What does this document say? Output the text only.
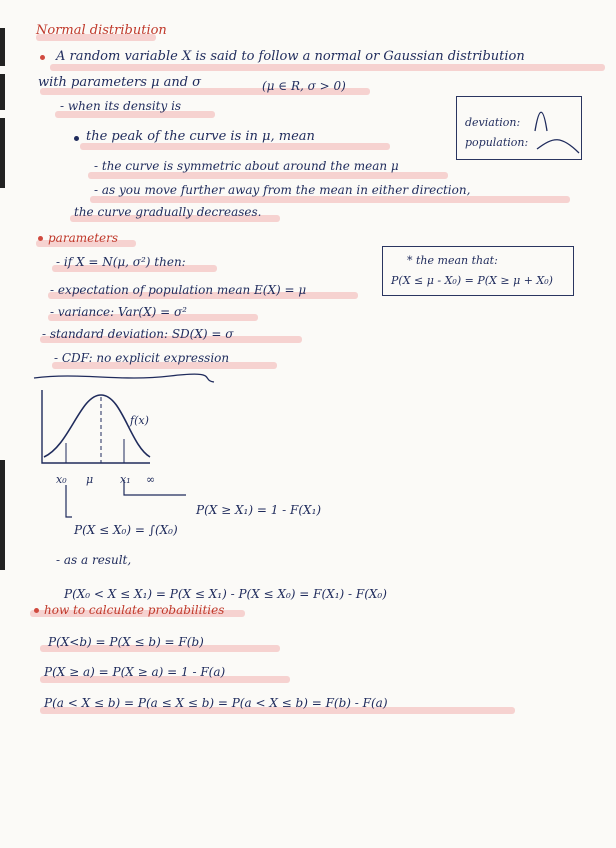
Normal distribution
A random variable X is said to follow a normal or Gaussian distribution
with parameters μ and σ	(μ ∈ R, σ > 0)
- when its density is
the peak of the curve is in μ, mean
- the curve is symmetric about around the mean μ
- as you move further away from the mean in either direction,
the curve gradually decreases.
deviation:
population:
parameters
- if X = N(μ, σ²) then:
- expectation of population mean E(X) = μ
- variance: Var(X) = σ²
- standard deviation: SD(X) = σ
- CDF: no explicit expression
* the mean that:
P(X ≤ μ - X₀) = P(X ≥ μ + X₀)
f(x)
x₀ μ x₁ ∞
P(X ≥ X₁) = 1 - F(X₁)
P(X ≤ X₀) = ∫(X₀)
- as a result,
P(X₀ < X ≤ X₁) = P(X ≤ X₁) - P(X ≤ X₀) = F(X₁) - F(X₀)
how to calculate probabilities
P(X<b) = P(X ≤ b) = F(b)
P(X ≥ a) = P(X ≥ a) = 1 - F(a)
P(a < X ≤ b) = P(a ≤ X ≤ b) = P(a < X ≤ b) = F(b) - F(a)
